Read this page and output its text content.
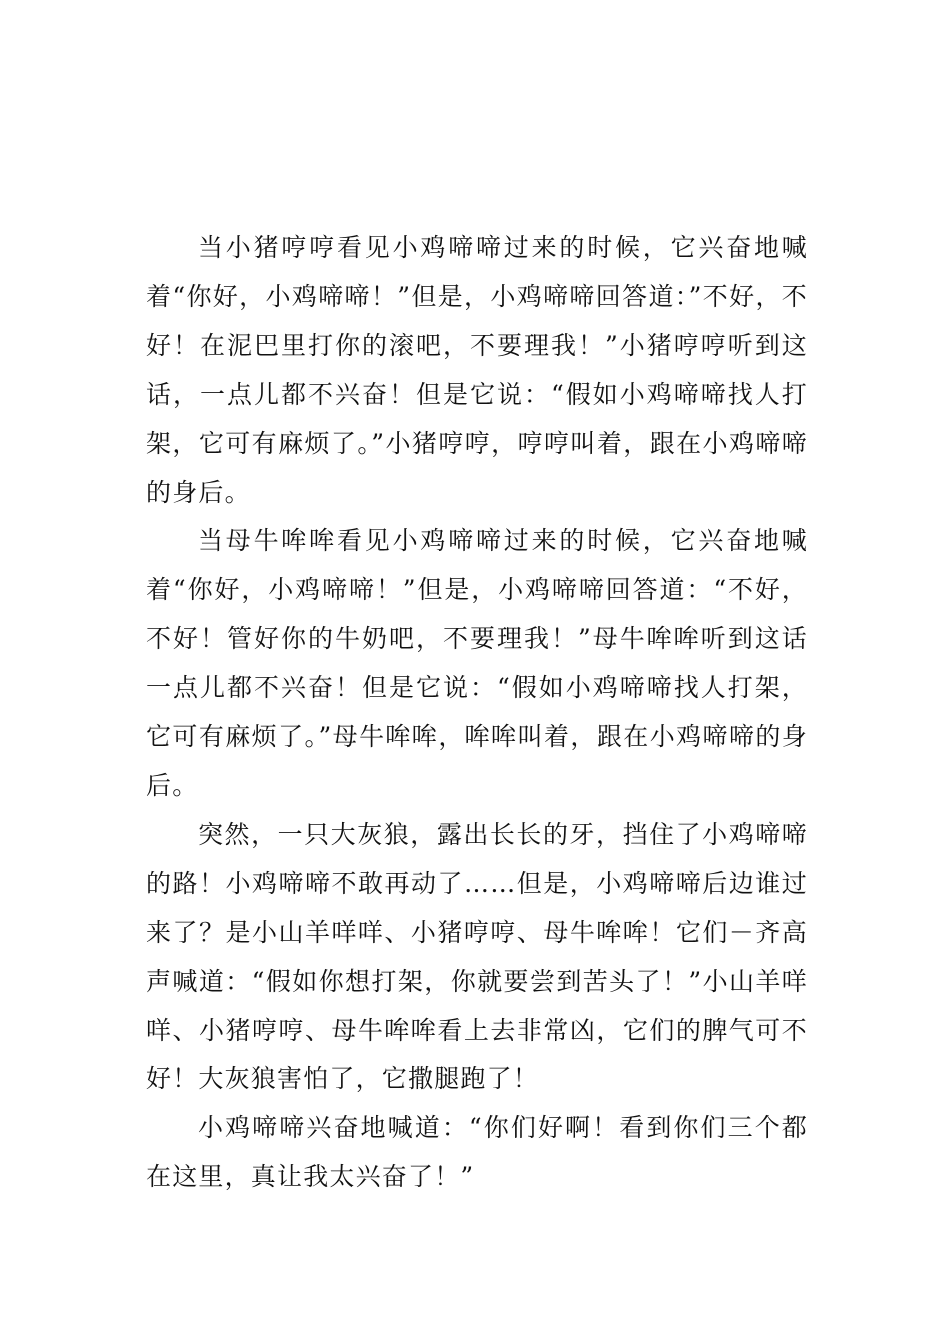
当小猪哼哼看见小鸡啼啼过来的时候，它兴奋地喊着“你好，小鸡啼啼！”但是，小鸡啼啼回答道：”不好，不好！在泥巴里打你的滚吧，不要理我！”小猪哼哼听到这话，一点儿都不兴奋！但是它说：“假如小鸡啼啼找人打架，它可有麻烦了。”小猪哼哼，哼哼叫着，跟在小鸡啼啼的身后。

当母牛哞哞看见小鸡啼啼过来的时候，它兴奋地喊着“你好，小鸡啼啼！”但是，小鸡啼啼回答道：“不好，不好！管好你的牛奶吧，不要理我！”母牛哞哞听到这话一点儿都不兴奋！但是它说：“假如小鸡啼啼找人打架，它可有麻烦了。”母牛哞哞，哞哞叫着，跟在小鸡啼啼的身后。

突然，一只大灰狼，露出长长的牙，挡住了小鸡啼啼的路！小鸡啼啼不敢再动了……但是，小鸡啼啼后边谁过来了？是小山羊咩咩、小猪哼哼、母牛哞哞！它们－齐高声喊道：“假如你想打架，你就要尝到苦头了！”小山羊咩咩、小猪哼哼、母牛哞哞看上去非常凶，它们的脾气可不好！大灰狼害怕了，它撒腿跑了！

小鸡啼啼兴奋地喊道：“你们好啊！看到你们三个都在这里，真让我太兴奋了！”
